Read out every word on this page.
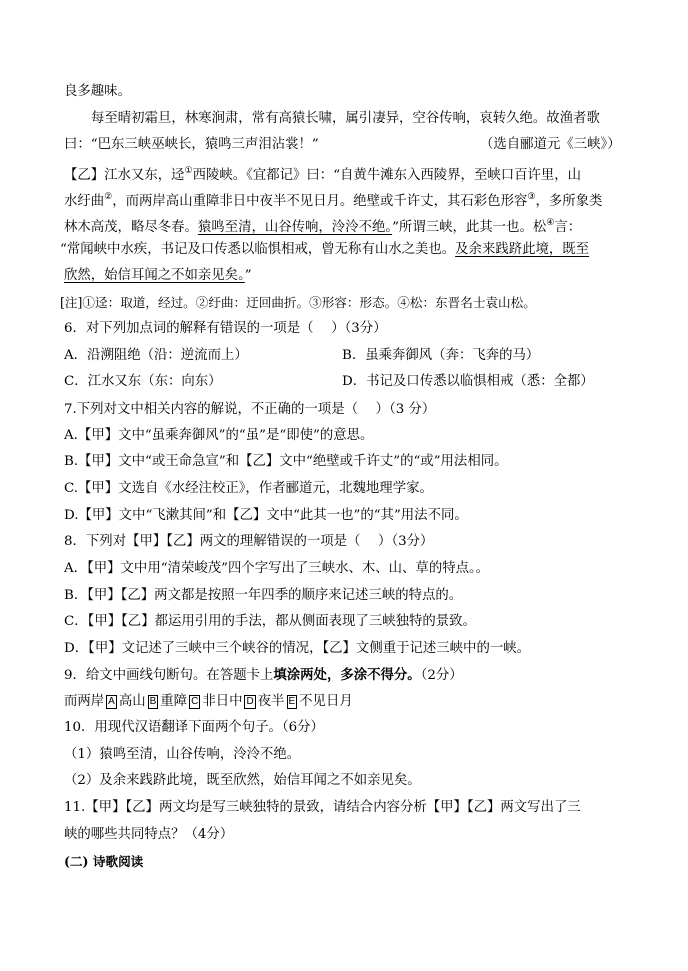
良多趣味。
每至晴初霜旦，林寒涧肃，常有高猿长啸，属引凄异，空谷传响，哀转久绝。故渔者歌
曰：“巴东三峡巫峡长，猿鸣三声泪沾裳！”	（选自郦道元《三峡》）
【乙】江水又东，迳①西陵峡。《宜都记》曰：“自黄牛滩东入西陵界，至峡口百许里，山
水纡曲②，而两岸高山重障非日中夜半不见日月。绝壁或千许丈，其石彩色形容③，多所象类
林木高茂，略尽冬春。猿鸣至清，山谷传响，泠泠不绝。”所谓三峡，此其一也。松④言：
“常闻峡中水疾，书记及口传悉以临惧相戒，曾无称有山水之美也。及余来践跻此境，既至
欣然，始信耳闻之不如亲见矣。”
[注]①迳：取道，经过。②纡曲：迂回曲折。③形容：形态。④松：东晋名士袁山松。
6．对下列加点词的解释有错误的一项是（　 ）（3分）
A．沿溯阻绝（沿：逆流而上）	B．虽乘奔御风（奔：飞奔的马）
C．江水又东（东：向东）	D．书记及口传悉以临惧相戒（悉：全都）
7.下列对文中相关内容的解说，不正确的一项是（　 ）（3 分）
A.【甲】文中“虽乘奔御风”的“虽”是“即使”的意思。
B.【甲】文中“或王命急宣”和【乙】文中“绝壁或千许丈”的“或”用法相同。
C.【甲】文选自《水经注校正》，作者郦道元，北魏地理学家。
D.【甲】文中“飞漱其间”和【乙】文中“此其一也”的“其”用法不同。
8．下列对【甲】【乙】两文的理解错误的一项是（　 ）（3分）
A．【甲】文中用“清荣峻茂”四个字写出了三峡水、木、山、草的特点。。
B．【甲】【乙】两文都是按照一年四季的顺序来记述三峡的特点的。
C．【甲】【乙】都运用引用的手法，都从侧面表现了三峡独特的景致。
D．【甲】文记述了三峡中三个峡谷的情况，【乙】文侧重于记述三峡中的一峡。
9．给文中画线句断句。在答题卡上填涂两处，多涂不得分。（2分）
而两岸 A 高山 B 重障 C 非日中 D 夜半 E 不见日月
10．用现代汉语翻译下面两个句子。（6分）
（1）猿鸣至清，山谷传响，泠泠不绝。
（2）及余来践跻此境，既至欣然，始信耳闻之不如亲见矣。
11.【甲】【乙】两文均是写三峡独特的景致，请结合内容分析【甲】【乙】两文写出了三
峡的哪些共同特点？（4分）
(二) 诗歌阅读
